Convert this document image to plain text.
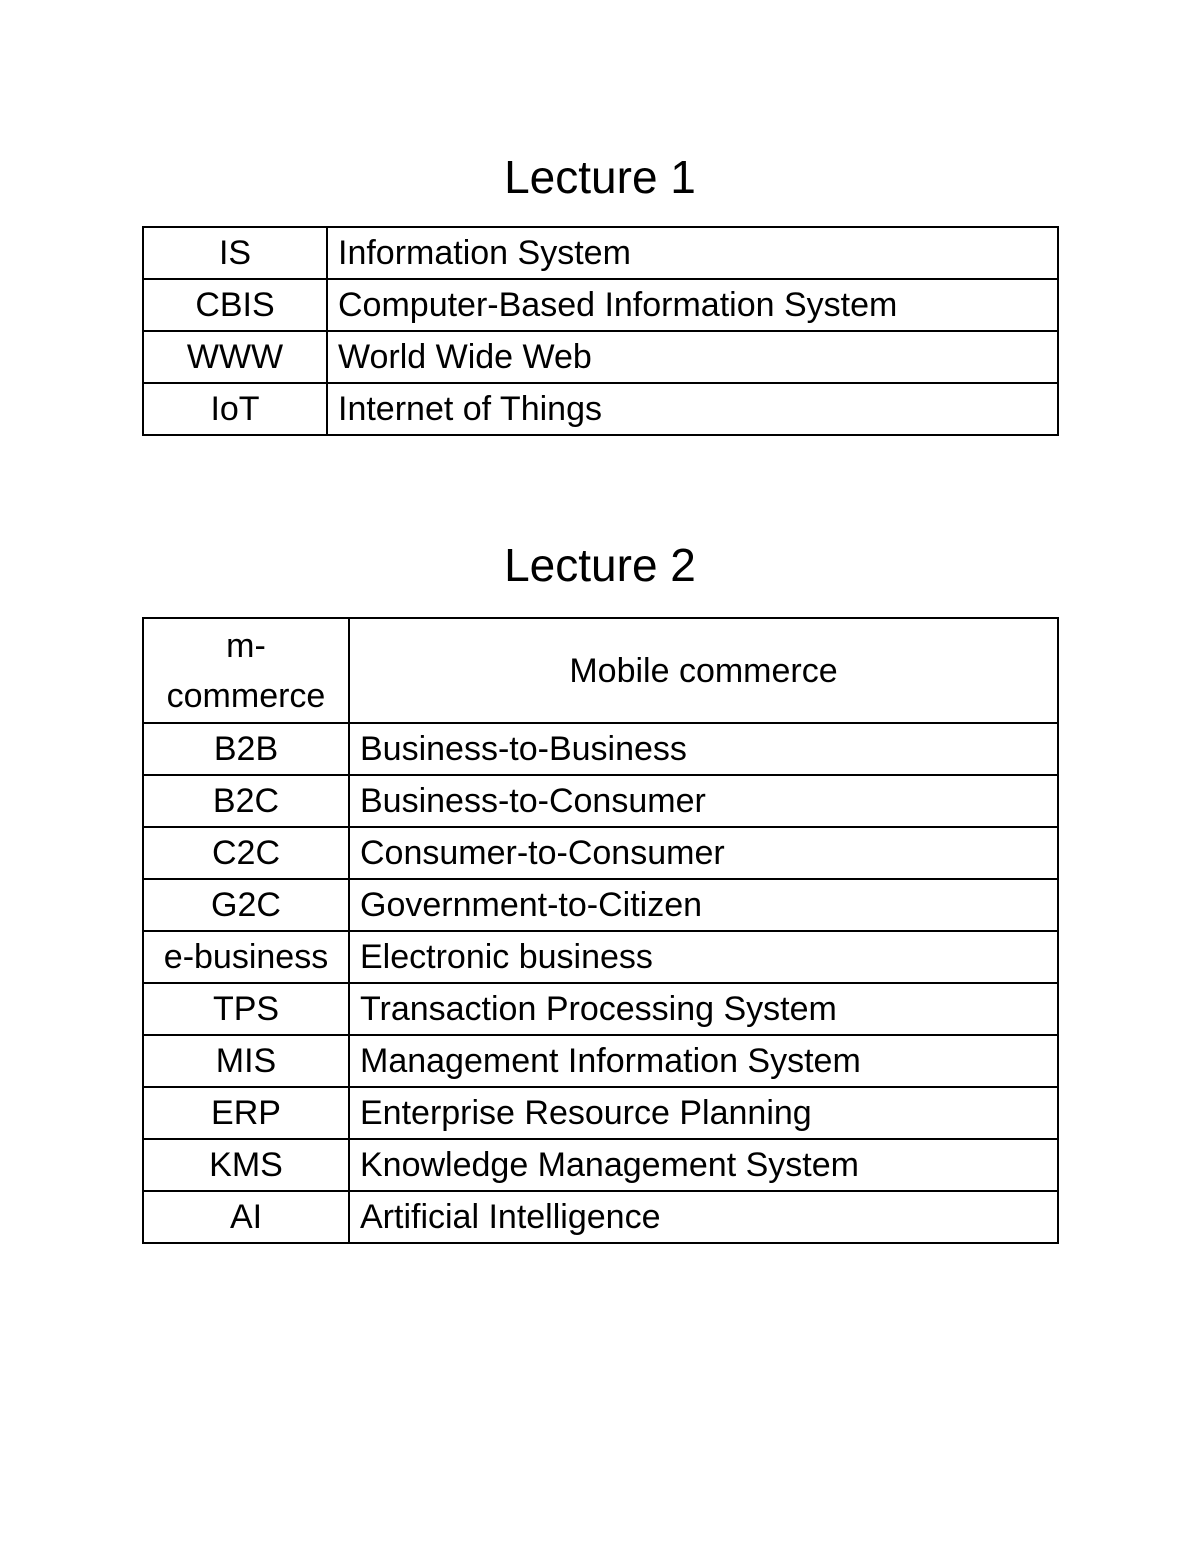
Lecture 1
IS	Information System
CBIS	Computer-Based Information System
WWW	World Wide Web
IoT	Internet of Things
Lecture 2
m-
commerce	Mobile commerce
B2B	Business-to-Business
B2C	Business-to-Consumer
C2C	Consumer-to-Consumer
G2C	Government-to-Citizen
e-business	Electronic business
TPS	Transaction Processing System
MIS	Management Information System
ERP	Enterprise Resource Planning
KMS	Knowledge Management System
AI	Artificial Intelligence
